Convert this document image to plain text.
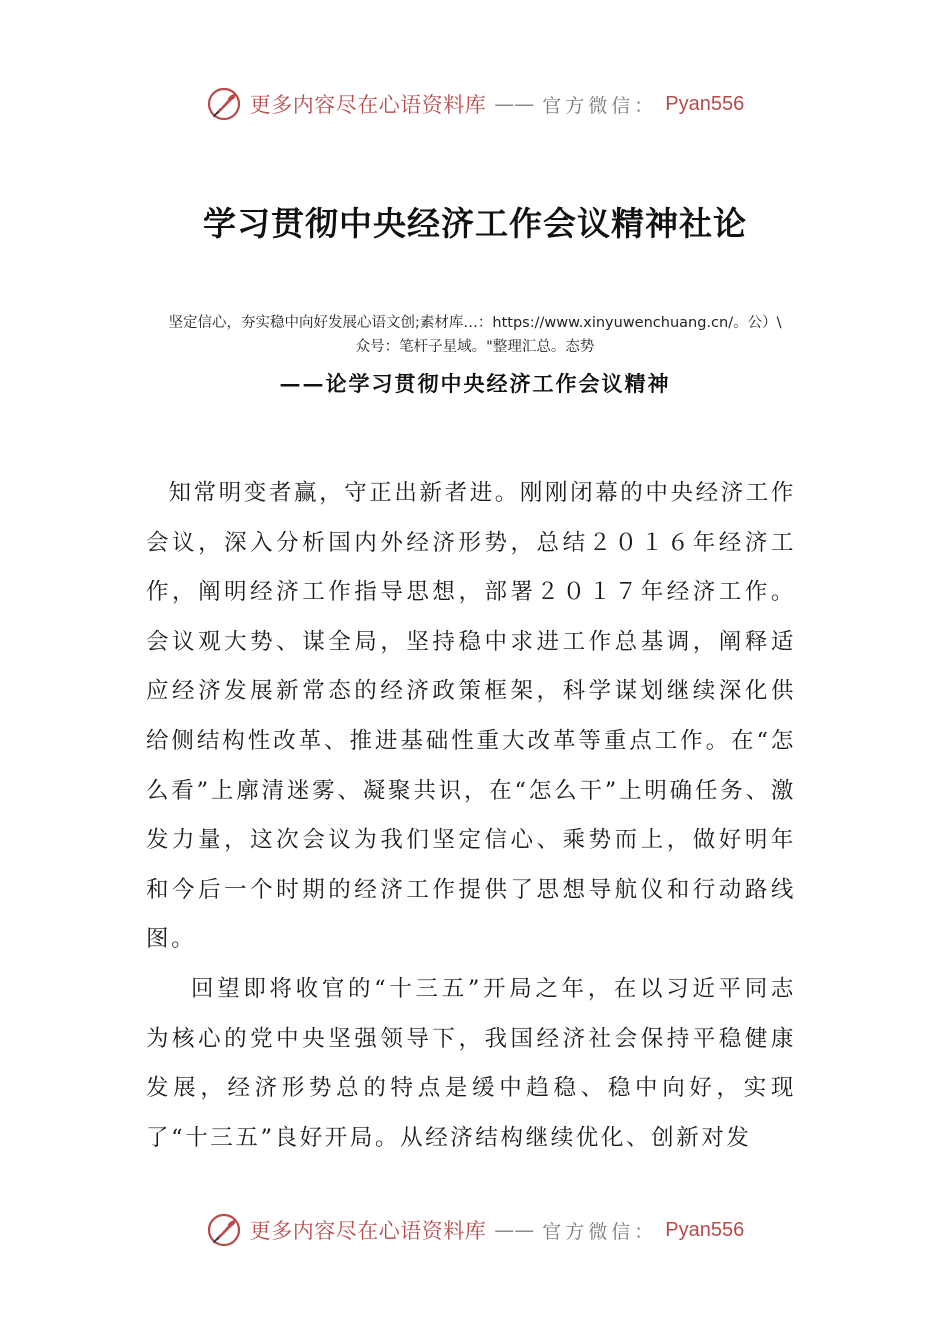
更多内容尽在心语资料库 —— 官方微信： Pyan556
学习贯彻中央经济工作会议精神社论
坚定信心，夯实稳中向好发展心语文创;素材库…：https://www.xinyuwenchuang.cn/。公）\
众号：笔杆子星域。"整理汇总。态势
——论学习贯彻中央经济工作会议精神

知常明变者赢，守正出新者进。刚刚闭幕的中央经济工作会议，深入分析国内外经济形势，总结２０１６年经济工作，阐明经济工作指导思想，部署２０１７年经济工作。会议观大势、谋全局，坚持稳中求进工作总基调，阐释适应经济发展新常态的经济政策框架，科学谋划继续深化供给侧结构性改革、推进基础性重大改革等重点工作。在“怎么看”上廓清迷雾、凝聚共识，在“怎么干”上明确任务、激发力量，这次会议为我们坚定信心、乘势而上，做好明年和今后一个时期的经济工作提供了思想导航仪和行动路线图。

回望即将收官的“十三五”开局之年，在以习近平同志为核心的党中央坚强领导下，我国经济社会保持平稳健康发展，经济形势总的特点是缓中趋稳、稳中向好，实现了“十三五”良好开局。从经济结构继续优化、创新对发

更多内容尽在心语资料库 —— 官方微信： Pyan556
